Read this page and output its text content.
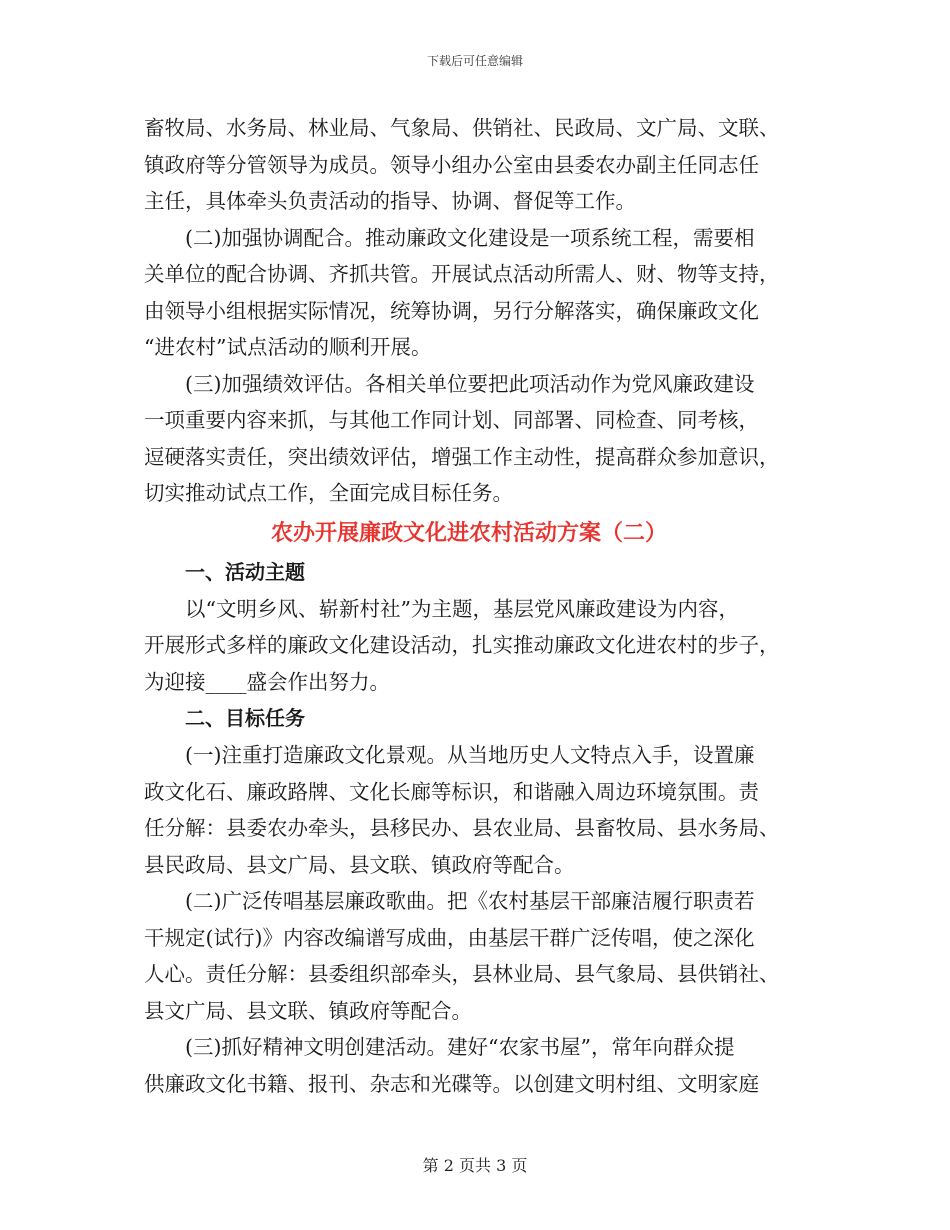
下载后可任意编辑
畜牧局、水务局、林业局、气象局、供销社、民政局、文广局、文联、
镇政府等分管领导为成员。领导小组办公室由县委农办副主任同志任
主任，具体牵头负责活动的指导、协调、督促等工作。
(二)加强协调配合。推动廉政文化建设是一项系统工程，需要相
关单位的配合协调、齐抓共管。开展试点活动所需人、财、物等支持，
由领导小组根据实际情况，统筹协调，另行分解落实，确保廉政文化
“进农村”试点活动的顺利开展。
(三)加强绩效评估。各相关单位要把此项活动作为党风廉政建设
一项重要内容来抓，与其他工作同计划、同部署、同检查、同考核，
逗硬落实责任，突出绩效评估，增强工作主动性，提高群众参加意识，
切实推动试点工作，全面完成目标任务。
农办开展廉政文化进农村活动方案（二）
一、活动主题
以“文明乡风、崭新村社”为主题，基层党风廉政建设为内容，
开展形式多样的廉政文化建设活动，扎实推动廉政文化进农村的步子，
为迎接____盛会作出努力。
二、目标任务
(一)注重打造廉政文化景观。从当地历史人文特点入手，设置廉
政文化石、廉政路牌、文化长廊等标识，和谐融入周边环境氛围。责
任分解：县委农办牵头，县移民办、县农业局、县畜牧局、县水务局、
县民政局、县文广局、县文联、镇政府等配合。
(二)广泛传唱基层廉政歌曲。把《农村基层干部廉洁履行职责若
干规定(试行)》内容改编谱写成曲，由基层干群广泛传唱，使之深化
人心。责任分解：县委组织部牵头，县林业局、县气象局、县供销社、
县文广局、县文联、镇政府等配合。
(三)抓好精神文明创建活动。建好“农家书屋”，常年向群众提
供廉政文化书籍、报刊、杂志和光碟等。以创建文明村组、文明家庭
第 2 页共 3 页
